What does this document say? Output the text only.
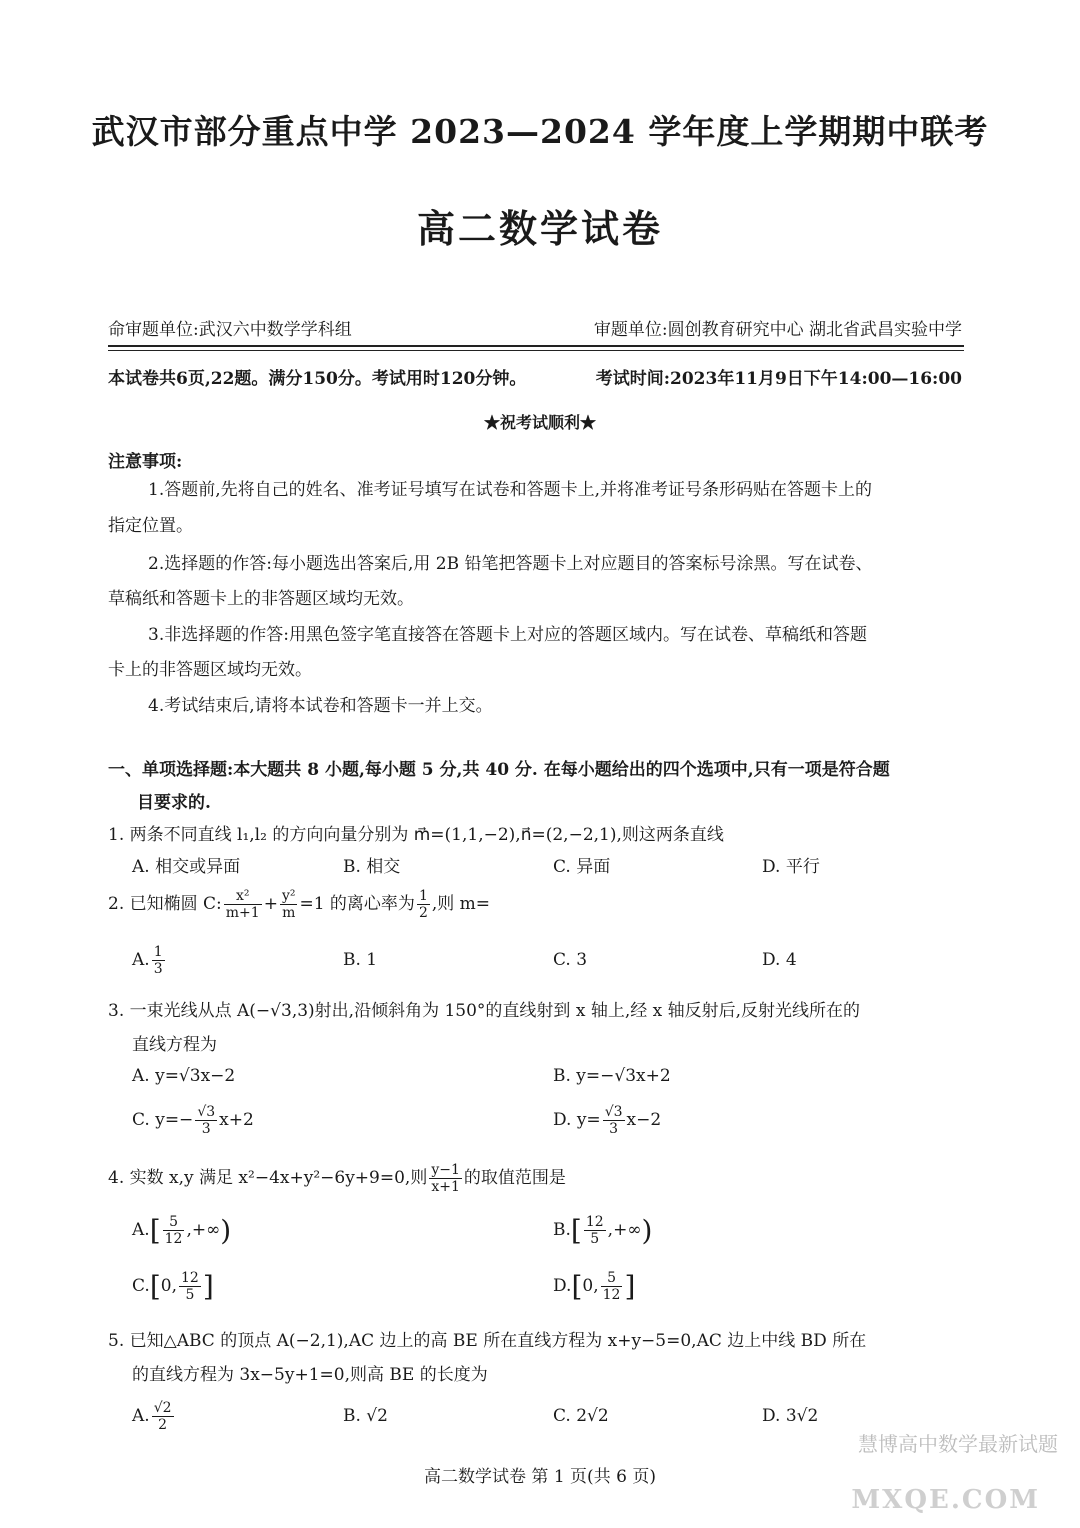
武汉市部分重点中学 2023—2024 学年度上学期期中联考
高二数学试卷
命审题单位:武汉六中数学学科组	审题单位:圆创教育研究中心 湖北省武昌实验中学
本试卷共6页,22题。满分150分。考试用时120分钟。	考试时间:2023年11月9日下午14:00—16:00
★祝考试顺利★
注意事项:
1.答题前,先将自己的姓名、准考证号填写在试卷和答题卡上,并将准考证号条形码贴在答题卡上的
指定位置。
2.选择题的作答:每小题选出答案后,用 2B 铅笔把答题卡上对应题目的答案标号涂黑。写在试卷、
草稿纸和答题卡上的非答题区域均无效。
3.非选择题的作答:用黑色签字笔直接答在答题卡上对应的答题区域内。写在试卷、草稿纸和答题
卡上的非答题区域均无效。
4.考试结束后,请将本试卷和答题卡一并上交。
一、单项选择题:本大题共 8 小题,每小题 5 分,共 40 分. 在每小题给出的四个选项中,只有一项是符合题
目要求的.
1. 两条不同直线 l₁,l₂ 的方向向量分别为 m⃗=(1,1,−2),n⃗=(2,−2,1),则这两条直线
A. 相交或异面	B. 相交	C. 异面	D. 平行
2. 已知椭圆 C: $\frac{\text{x²}}{m+1} + \frac{\text{y²}}{m} =1$ 的离心率为 $\frac{1}{2}$ ,则 m=
A. $\frac{1}{3}$	B. 1	C. 3	D. 4
3. 一束光线从点 A(−√3,3)射出,沿倾斜角为 150°的直线射到 x 轴上,经 x 轴反射后,反射光线所在的
直线方程为
A. y=√3x−2	B. y=−√3x+2
C. $y=- \frac{√3}{3} x+2$	D. $y= \frac{√3}{3} x-2$
4. 实数 x,y 满足 x²−4x+y²−6y+9=0,则 $\frac{y-1}{x+1}$ 的取值范围是
$A.[ \frac{5}{12}$ ,+∞)	$B.[ \frac{12}{5}$ ,+∞)
C.[0, $\frac{12}{5}$ ]	D.[0, $\frac{5}{12}$ ]
5. 已知△ABC 的顶点 A(−2,1),AC 边上的高 BE 所在直线方程为 x+y−5=0,AC 边上中线 BD 所在
的直线方程为 3x−5y+1=0,则高 BE 的长度为
A. $\frac{√2}{2}$	B. √2	C. 2√2	D. 3√2
高二数学试卷 第 1 页(共 6 页)
慧博高中数学最新试题
MXQE.COM
